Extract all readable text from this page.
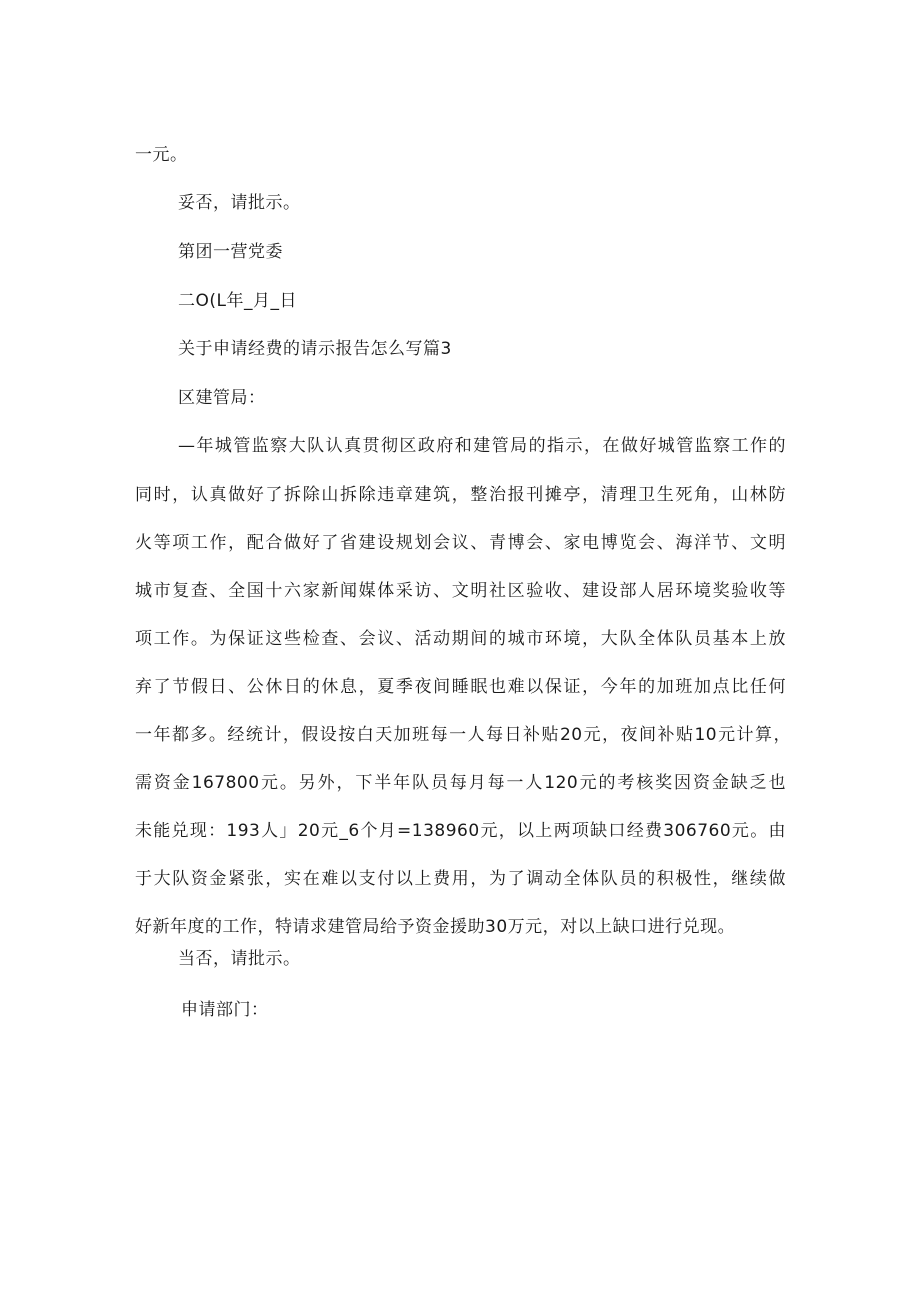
一元。
妥否，请批示。
第团一营党委
二O(L年_月_日
关于申请经费的请示报告怎么写篇3
区建管局：
—年城管监察大队认真贯彻区政府和建管局的指示，在做好城管监察工作的
同时，认真做好了拆除山拆除违章建筑，整治报刊摊亭，清理卫生死角，山林防
火等项工作，配合做好了省建设规划会议、青博会、家电博览会、海洋节、文明
城市复查、全国十六家新闻媒体采访、文明社区验收、建设部人居环境奖验收等
项工作。为保证这些检查、会议、活动期间的城市环境，大队全体队员基本上放
弃了节假日、公休日的休息，夏季夜间睡眠也难以保证，今年的加班加点比任何
一年都多。经统计，假设按白天加班每一人每日补贴20元，夜间补贴10元计算，
需资金167800元。另外，下半年队员每月每一人120元的考核奖因资金缺乏也
未能兑现：193人」20元_6个月=138960元，以上两项缺口经费306760元。由
于大队资金紧张，实在难以支付以上费用，为了调动全体队员的积极性，继续做
好新年度的工作，特请求建管局给予资金援助30万元，对以上缺口进行兑现。
当否，请批示。
申请部门：
